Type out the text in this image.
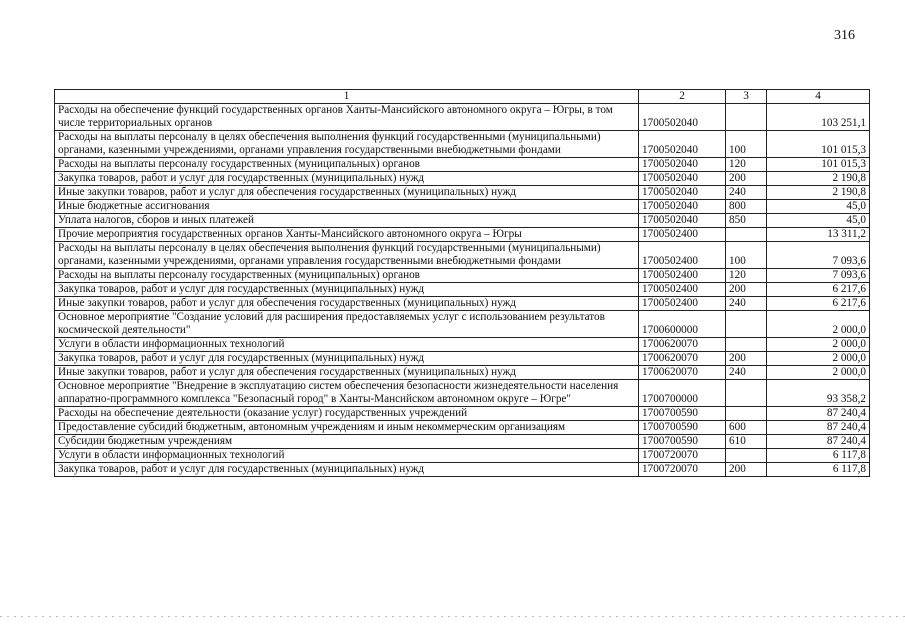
316
1	2	3	4
Расходы на обеспечение функций государственных органов Ханты-Мансийского автономного округа – Югры, в том числе территориальных органов	1700502040		103 251,1
Расходы на выплаты персоналу в целях обеспечения выполнения функций государственными (муниципальными) органами, казенными учреждениями, органами управления государственными внебюджетными фондами	1700502040	100	101 015,3
Расходы на выплаты персоналу государственных (муниципальных) органов	1700502040	120	101 015,3
Закупка товаров, работ и услуг для государственных (муниципальных) нужд	1700502040	200	2 190,8
Иные закупки товаров, работ и услуг для обеспечения государственных (муниципальных) нужд	1700502040	240	2 190,8
Иные бюджетные ассигнования	1700502040	800	45,0
Уплата налогов, сборов и иных платежей	1700502040	850	45,0
Прочие мероприятия государственных органов Ханты-Мансийского автономного округа – Югры	1700502400		13 311,2
Расходы на выплаты персоналу в целях обеспечения выполнения функций государственными (муниципальными) органами, казенными учреждениями, органами управления государственными внебюджетными фондами	1700502400	100	7 093,6
Расходы на выплаты персоналу государственных (муниципальных) органов	1700502400	120	7 093,6
Закупка товаров, работ и услуг для государственных (муниципальных) нужд	1700502400	200	6 217,6
Иные закупки товаров, работ и услуг для обеспечения государственных (муниципальных) нужд	1700502400	240	6 217,6
Основное мероприятие "Создание условий для расширения предоставляемых услуг с использованием результатов космической деятельности"	1700600000		2 000,0
Услуги в области информационных технологий	1700620070		2 000,0
Закупка товаров, работ и услуг для государственных (муниципальных) нужд	1700620070	200	2 000,0
Иные закупки товаров, работ и услуг для обеспечения государственных (муниципальных) нужд	1700620070	240	2 000,0
Основное мероприятие "Внедрение в эксплуатацию систем обеспечения безопасности жизнедеятельности населения аппаратно-программного комплекса "Безопасный город" в Ханты-Мансийском автономном округе – Югре"	1700700000		93 358,2
Расходы на обеспечение деятельности (оказание услуг) государственных учреждений	1700700590		87 240,4
Предоставление субсидий бюджетным, автономным учреждениям и иным некоммерческим организациям	1700700590	600	87 240,4
Субсидии бюджетным учреждениям	1700700590	610	87 240,4
Услуги в области информационных технологий	1700720070		6 117,8
Закупка товаров, работ и услуг для государственных (муниципальных) нужд	1700720070	200	6 117,8
